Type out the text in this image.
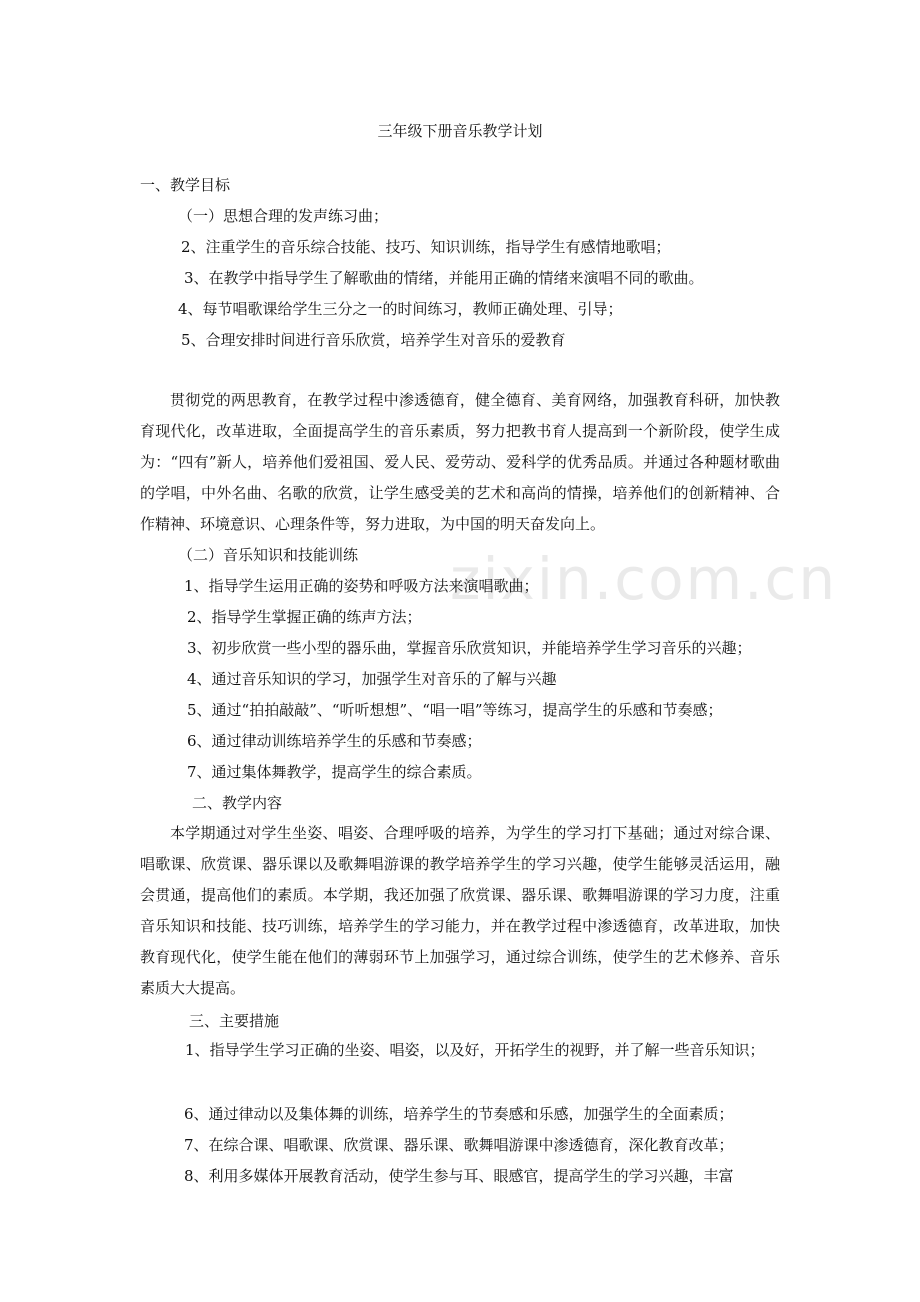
zixin.com.cn
三年级下册音乐教学计划
一、教学目标
（一）思想合理的发声练习曲；
2、注重学生的音乐综合技能、技巧、知识训练，指导学生有感情地歌唱；
3、在教学中指导学生了解歌曲的情绪，并能用正确的情绪来演唱不同的歌曲。
4、每节唱歌课给学生三分之一的时间练习，教师正确处理、引导；
5、合理安排时间进行音乐欣赏，培养学生对音乐的爱教育
贯彻党的两思教育，在教学过程中渗透德育，健全德育、美育网络，加强教育科研，加快教育现代化，改革进取，全面提高学生的音乐素质，努力把教书育人提高到一个新阶段，使学生成为：“四有”新人，培养他们爱祖国、爱人民、爱劳动、爱科学的优秀品质。并通过各种题材歌曲的学唱，中外名曲、名歌的欣赏，让学生感受美的艺术和高尚的情操，培养他们的创新精神、合作精神、环境意识、心理条件等，努力进取，为中国的明天奋发向上。
（二）音乐知识和技能训练
1、指导学生运用正确的姿势和呼吸方法来演唱歌曲；
2、指导学生掌握正确的练声方法；
3、初步欣赏一些小型的器乐曲，掌握音乐欣赏知识，并能培养学生学习音乐的兴趣；
4、通过音乐知识的学习，加强学生对音乐的了解与兴趣
5、通过“拍拍敲敲”、“听听想想”、“唱一唱”等练习，提高学生的乐感和节奏感；
6、通过律动训练培养学生的乐感和节奏感；
7、通过集体舞教学，提高学生的综合素质。
二、教学内容
本学期通过对学生坐姿、唱姿、合理呼吸的培养，为学生的学习打下基础；通过对综合课、唱歌课、欣赏课、器乐课以及歌舞唱游课的教学培养学生的学习兴趣，使学生能够灵活运用，融会贯通，提高他们的素质。本学期，我还加强了欣赏课、器乐课、歌舞唱游课的学习力度，注重音乐知识和技能、技巧训练，培养学生的学习能力，并在教学过程中渗透德育，改革进取，加快教育现代化，使学生能在他们的薄弱环节上加强学习，通过综合训练，使学生的艺术修养、音乐素质大大提高。
三、主要措施
1、指导学生学习正确的坐姿、唱姿，以及好，开拓学生的视野，并了解一些音乐知识；
6、通过律动以及集体舞的训练，培养学生的节奏感和乐感，加强学生的全面素质；
7、在综合课、唱歌课、欣赏课、器乐课、歌舞唱游课中渗透德育，深化教育改革；
8、利用多媒体开展教育活动，使学生参与耳、眼感官，提高学生的学习兴趣，丰富
